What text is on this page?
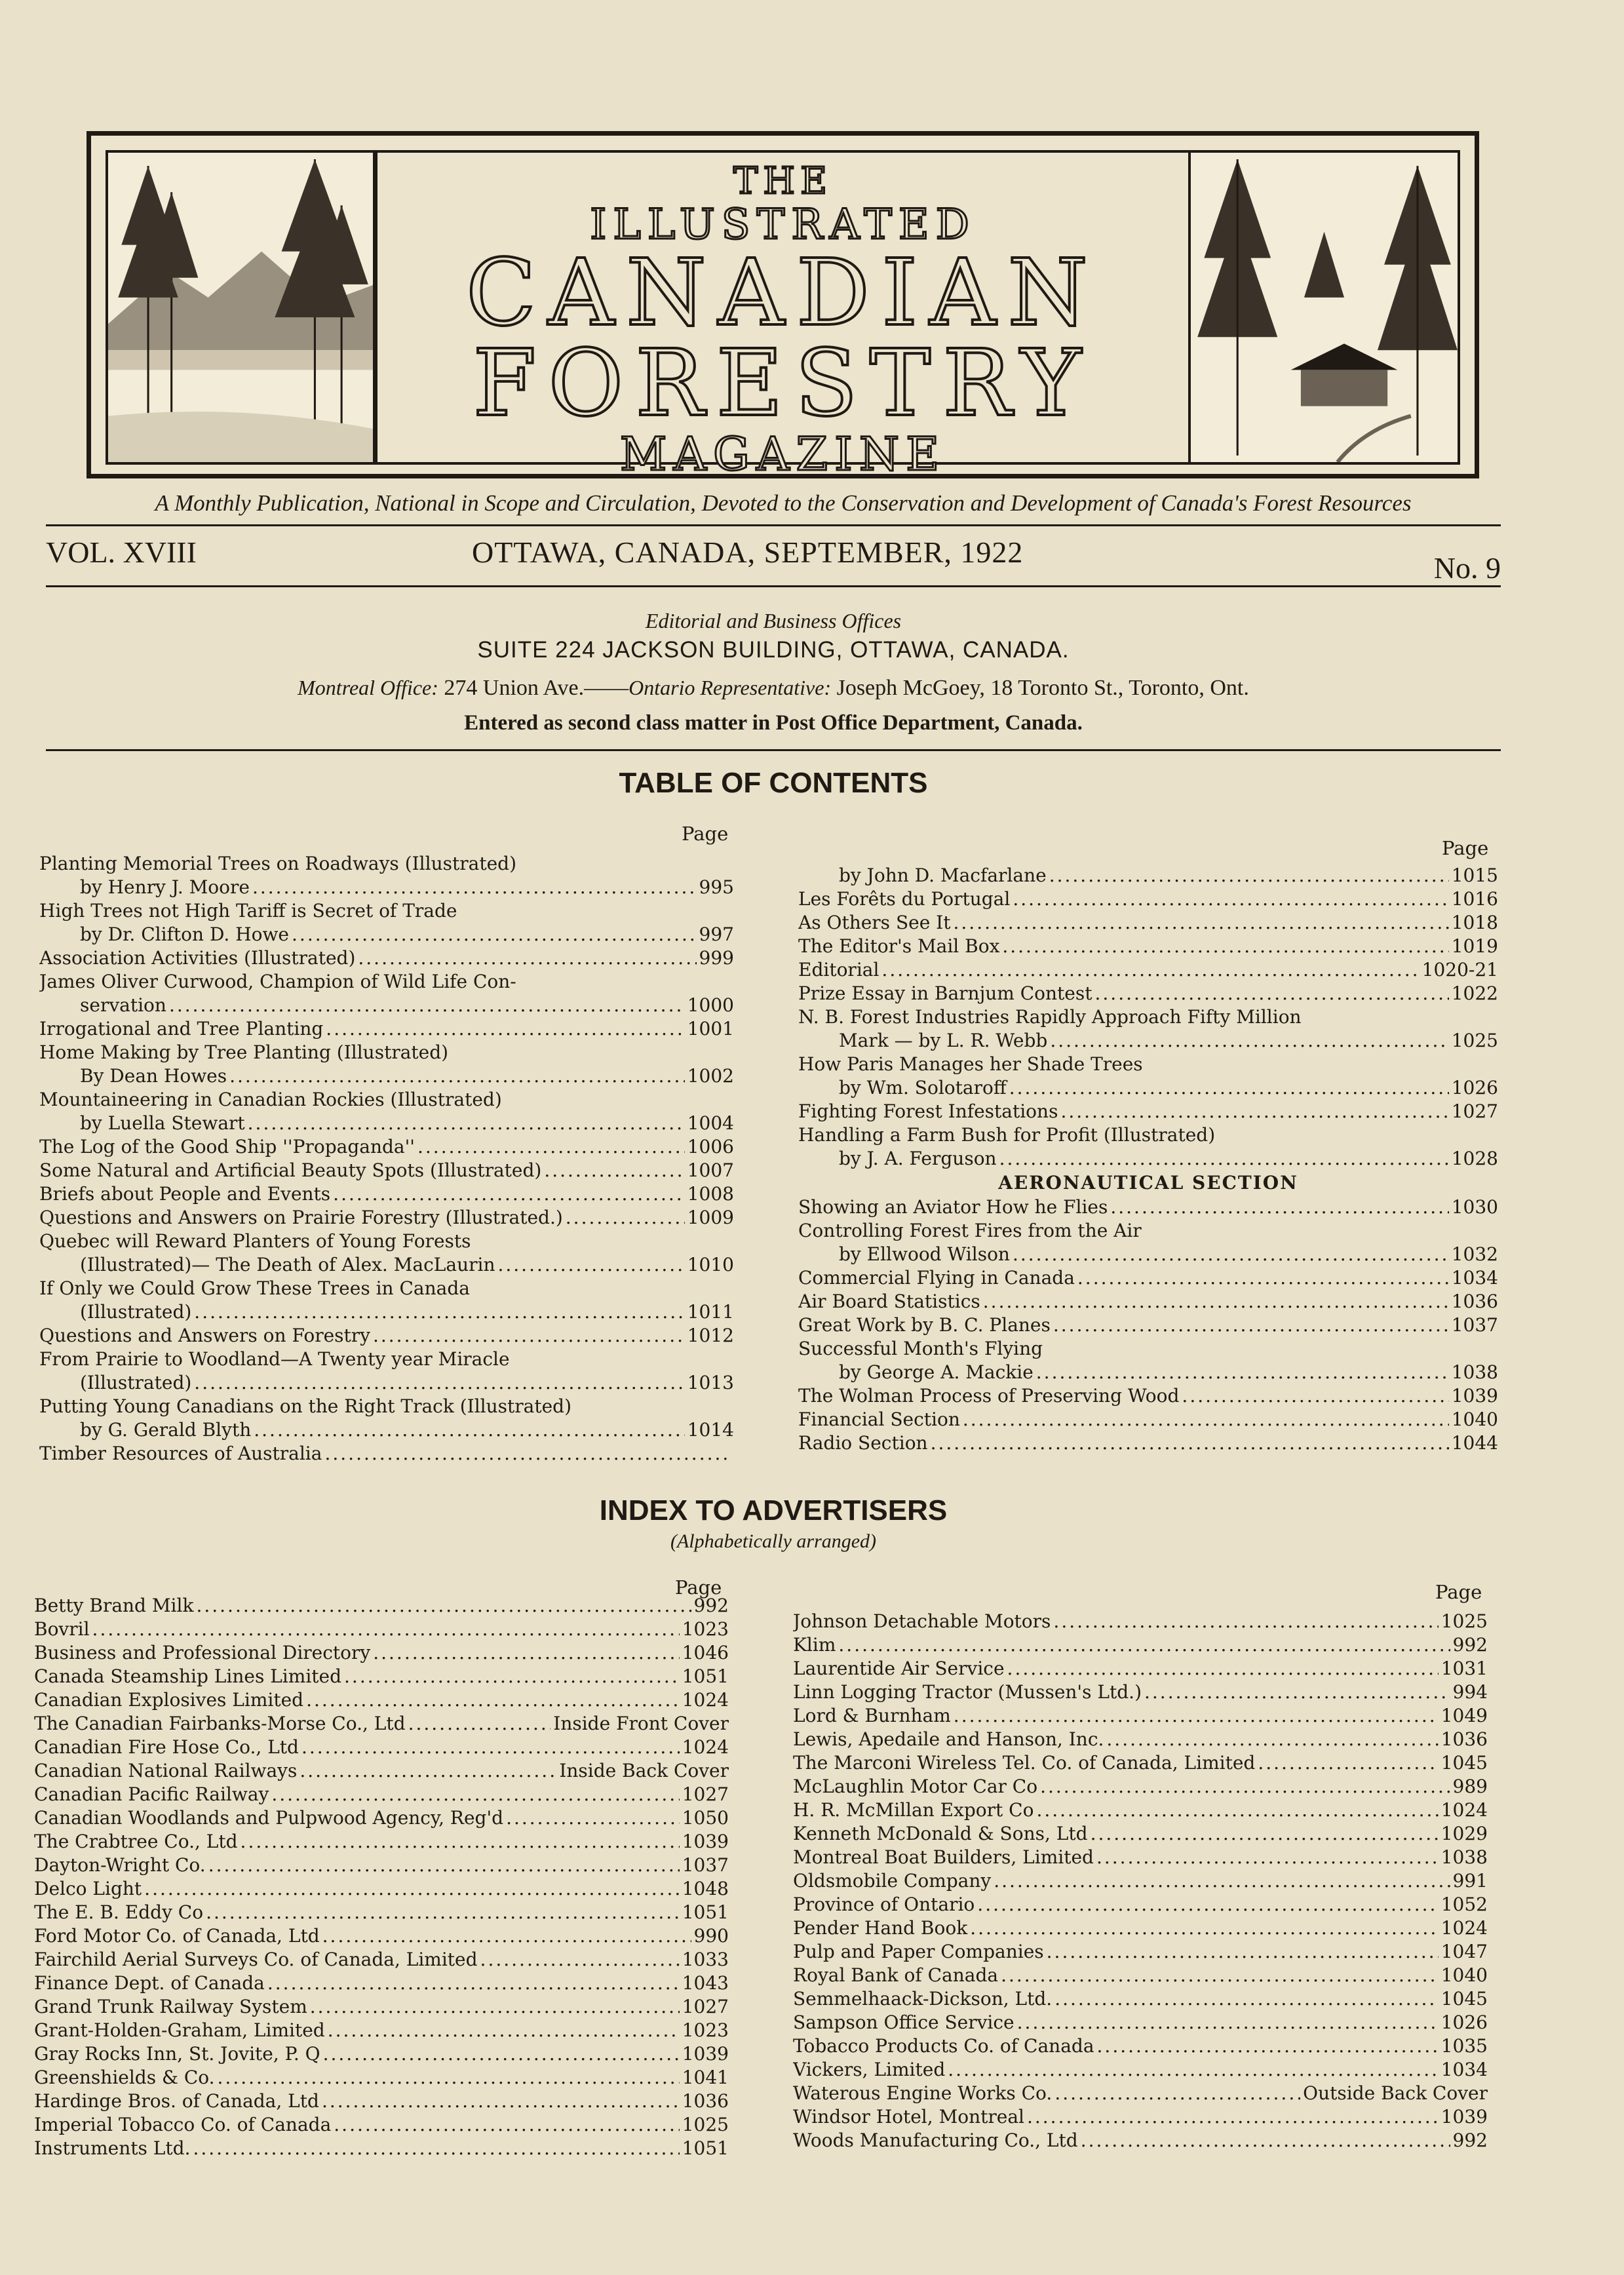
THE
ILLUSTRATED
CANADIAN
FORESTRY
MAGAZINE
A Monthly Publication, National in Scope and Circulation, Devoted to the Conservation and Development of Canada's Forest Resources
VOL. XVIII	OTTAWA, CANADA, SEPTEMBER, 1922	No. 9
Editorial and Business Offices
SUITE 224 JACKSON BUILDING, OTTAWA, CANADA.
Montreal Office: 274 Union Ave.——Ontario Representative: Joseph McGoey, 18 Toronto St., Toronto, Ont.
Entered as second class matter in Post Office Department, Canada.
TABLE OF CONTENTS
Page
Page
Planting Memorial Trees on Roadways (Illustrated)
by Henry J. Moore .....	995
High Trees not High Tariff is Secret of Trade
by Dr. Clifton D. Howe .....	997
Association Activities (Illustrated) .....	999
James Oliver Curwood, Champion of Wild Life Con-
servation .....	1000
Irrogational and Tree Planting .....	1001
Home Making by Tree Planting (Illustrated)
By Dean Howes .....	1002
Mountaineering in Canadian Rockies (Illustrated)
by Luella Stewart .....	1004
The Log of the Good Ship ''Propaganda'' .....	1006
Some Natural and Artificial Beauty Spots (Illustrated) .....	1007
Briefs about People and Events .....	1008
Questions and Answers on Prairie Forestry (Illustrated.) .....	1009
Quebec will Reward Planters of Young Forests
(Illustrated)— The Death of Alex. MacLaurin .....	1010
If Only we Could Grow These Trees in Canada
(Illustrated) .....	1011
Questions and Answers on Forestry .....	1012
From Prairie to Woodland—A Twenty year Miracle
(Illustrated) .....	1013
Putting Young Canadians on the Right Track (Illustrated)
by G. Gerald Blyth .....	1014
Timber Resources of Australia
.....
by John D. Macfarlane .....	1015
Les Forêts du Portugal .....	1016
As Others See It .....	1018
The Editor's Mail Box .....	1019
Editorial .....	1020-21
Prize Essay in Barnjum Contest .....	1022
N. B. Forest Industries Rapidly Approach Fifty Million
Mark — by L. R. Webb .....	1025
How Paris Manages her Shade Trees
by Wm. Solotaroff .....	1026
Fighting Forest Infestations .....	1027
Handling a Farm Bush for Profit (Illustrated)
by J. A. Ferguson .....	1028
AERONAUTICAL SECTION
Showing an Aviator How he Flies .....	1030
Controlling Forest Fires from the Air
by Ellwood Wilson .....	1032
Commercial Flying in Canada .....	1034
Air Board Statistics .....	1036
Great Work by B. C. Planes .....	1037
Successful Month's Flying
by George A. Mackie .....	1038
The Wolman Process of Preserving Wood .....	1039
Financial Section .....	1040
Radio Section .....	1044
INDEX TO ADVERTISERS
(Alphabetically arranged)
Page	Page
Betty Brand Milk .....	992
Bovril .....	1023
Business and Professional Directory .....	1046
Canada Steamship Lines Limited .....	1051
Canadian Explosives Limited .....	1024
The Canadian Fairbanks-Morse Co., Ltd .....	Inside Front Cover
Canadian Fire Hose Co., Ltd .....	1024
Canadian National Railways .....	Inside Back Cover
Canadian Pacific Railway .....	1027
Canadian Woodlands and Pulpwood Agency, Reg'd .....	1050
The Crabtree Co., Ltd .....	1039
Dayton-Wright Co. .....	1037
Delco Light .....	1048
The E. B. Eddy Co .....	1051
Ford Motor Co. of Canada, Ltd .....	990
Fairchild Aerial Surveys Co. of Canada, Limited .....	1033
Finance Dept. of Canada .....	1043
Grand Trunk Railway System .....	1027
Grant-Holden-Graham, Limited .....	1023
Gray Rocks Inn, St. Jovite, P. Q .....	1039
Greenshields & Co. .....	1041
Hardinge Bros. of Canada, Ltd .....	1036
Imperial Tobacco Co. of Canada .....	1025
Instruments Ltd. .....	1051
Johnson Detachable Motors .....	1025
Klim .....	992
Laurentide Air Service .....	1031
Linn Logging Tractor (Mussen's Ltd.) .....	994
Lord & Burnham .....	1049
Lewis, Apedaile and Hanson, Inc. .....	1036
The Marconi Wireless Tel. Co. of Canada, Limited .....	1045
McLaughlin Motor Car Co .....	989
H. R. McMillan Export Co .....	1024
Kenneth McDonald & Sons, Ltd .....	1029
Montreal Boat Builders, Limited .....	1038
Oldsmobile Company .....	991
Province of Ontario .....	1052
Pender Hand Book .....	1024
Pulp and Paper Companies .....	1047
Royal Bank of Canada .....	1040
Semmelhaack-Dickson, Ltd. .....	1045
Sampson Office Service .....	1026
Tobacco Products Co. of Canada .....	1035
Vickers, Limited .....	1034
Waterous Engine Works Co. .....	Outside Back Cover
Windsor Hotel, Montreal .....	1039
Woods Manufacturing Co., Ltd .....	992
